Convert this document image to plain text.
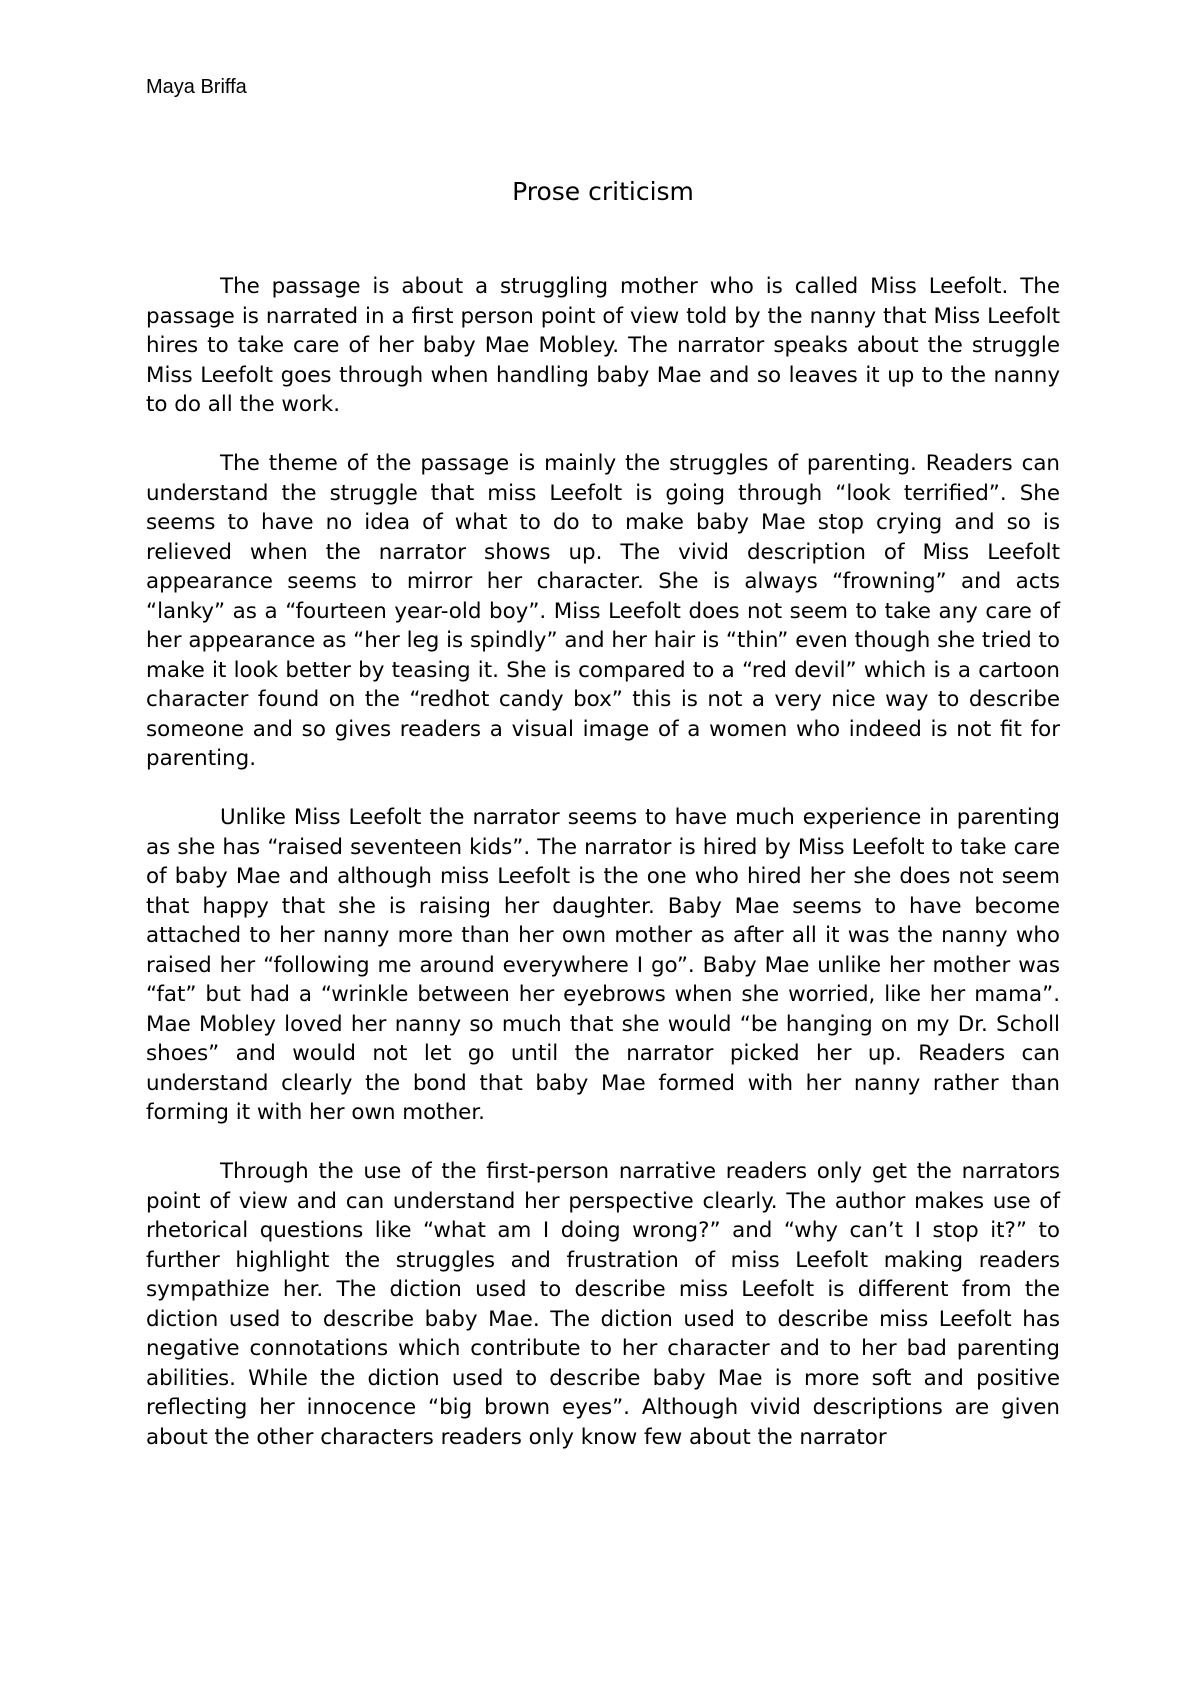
Maya Briffa
Prose criticism

The passage is about a struggling mother who is called Miss Leefolt. The passage is narrated in a first person point of view told by the nanny that Miss Leefolt hires to take care of her baby Mae Mobley. The narrator speaks about the struggle Miss Leefolt goes through when handling baby Mae and so leaves it up to the nanny to do all the work.

The theme of the passage is mainly the struggles of parenting. Readers can understand the struggle that miss Leefolt is going through “look terrified”. She seems to have no idea of what to do to make baby Mae stop crying and so is relieved when the narrator shows up. The vivid description of Miss Leefolt appearance seems to mirror her character. She is always “frowning” and acts “lanky” as a “fourteen year-old boy”. Miss Leefolt does not seem to take any care of her appearance as “her leg is spindly” and her hair is “thin” even though she tried to make it look better by teasing it. She is compared to a “red devil” which is a cartoon character found on the “redhot candy box” this is not a very nice way to describe someone and so gives readers a visual image of a women who indeed is not fit for parenting.

Unlike Miss Leefolt the narrator seems to have much experience in parenting as she has “raised seventeen kids”. The narrator is hired by Miss Leefolt to take care of baby Mae and although miss Leefolt is the one who hired her she does not seem that happy that she is raising her daughter. Baby Mae seems to have become attached to her nanny more than her own mother as after all it was the nanny who raised her “following me around everywhere I go”. Baby Mae unlike her mother was “fat” but had a “wrinkle between her eyebrows when she worried, like her mama”. Mae Mobley loved her nanny so much that she would “be hanging on my Dr. Scholl shoes” and would not let go until the narrator picked her up. Readers can understand clearly the bond that baby Mae formed with her nanny rather than forming it with her own mother.

Through the use of the first-person narrative readers only get the narrators point of view and can understand her perspective clearly. The author makes use of rhetorical questions like “what am I doing wrong?” and “why can’t I stop it?” to further highlight the struggles and frustration of miss Leefolt making readers sympathize her. The diction used to describe miss Leefolt is different from the diction used to describe baby Mae. The diction used to describe miss Leefolt has negative connotations which contribute to her character and to her bad parenting abilities. While the diction used to describe baby Mae is more soft and positive reflecting her innocence “big brown eyes”. Although vivid descriptions are given about the other characters readers only know few about the narrator
